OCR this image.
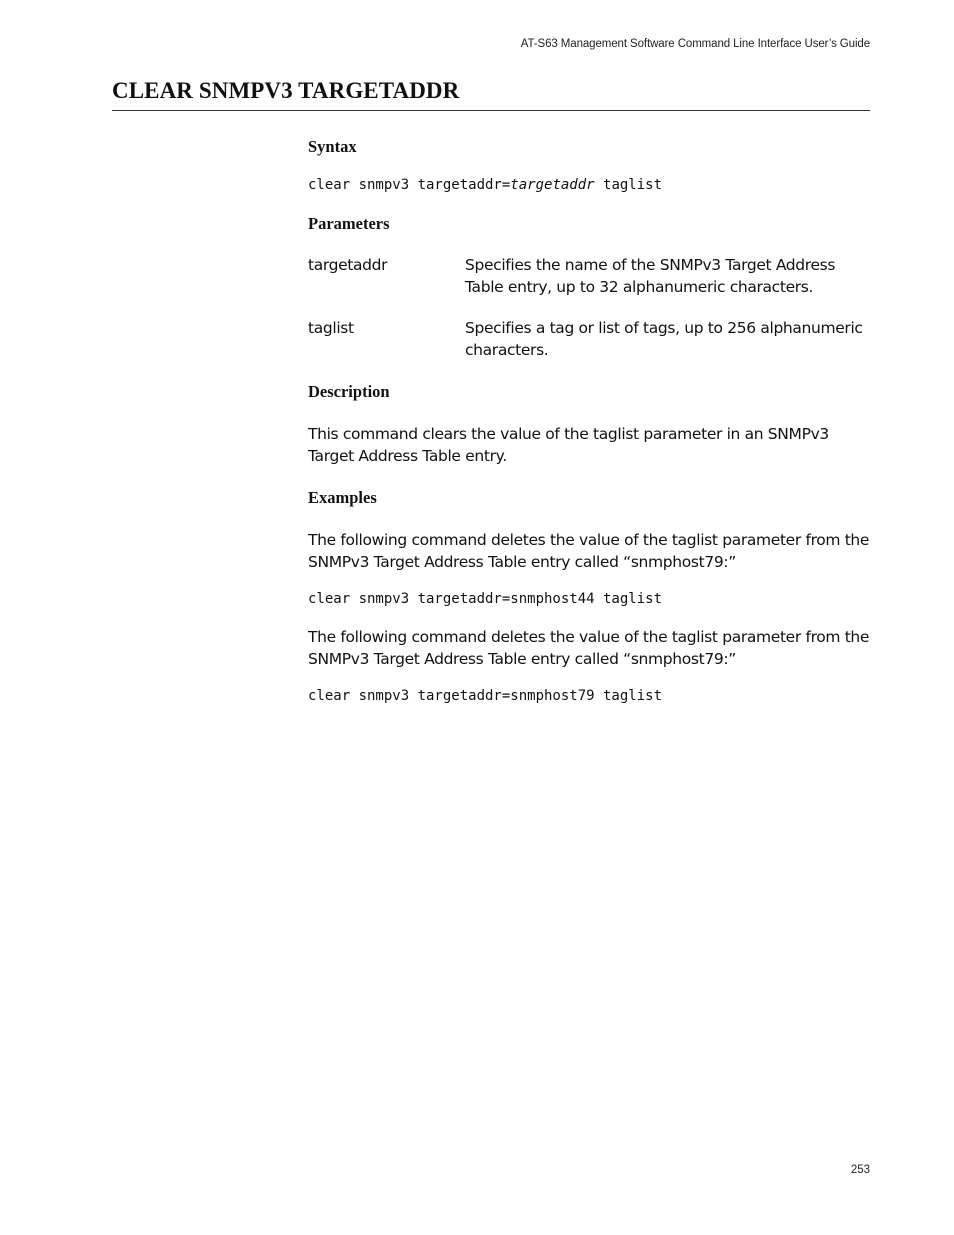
AT-S63 Management Software Command Line Interface User’s Guide
CLEAR SNMPV3 TARGETADDR
Syntax
clear snmpv3 targetaddr=targetaddr taglist
Parameters
targetaddr	Specifies the name of the SNMPv3 Target Address Table entry, up to 32 alphanumeric characters.

taglist	Specifies a tag or list of tags, up to 256 alphanumeric characters.

Description

This command clears the value of the taglist parameter in an SNMPv3 Target Address Table entry.

Examples

The following command deletes the value of the taglist parameter from the SNMPv3 Target Address Table entry called “snmphost79:”

clear snmpv3 targetaddr=snmphost44 taglist

The following command deletes the value of the taglist parameter from the SNMPv3 Target Address Table entry called “snmphost79:”

clear snmpv3 targetaddr=snmphost79 taglist
253
